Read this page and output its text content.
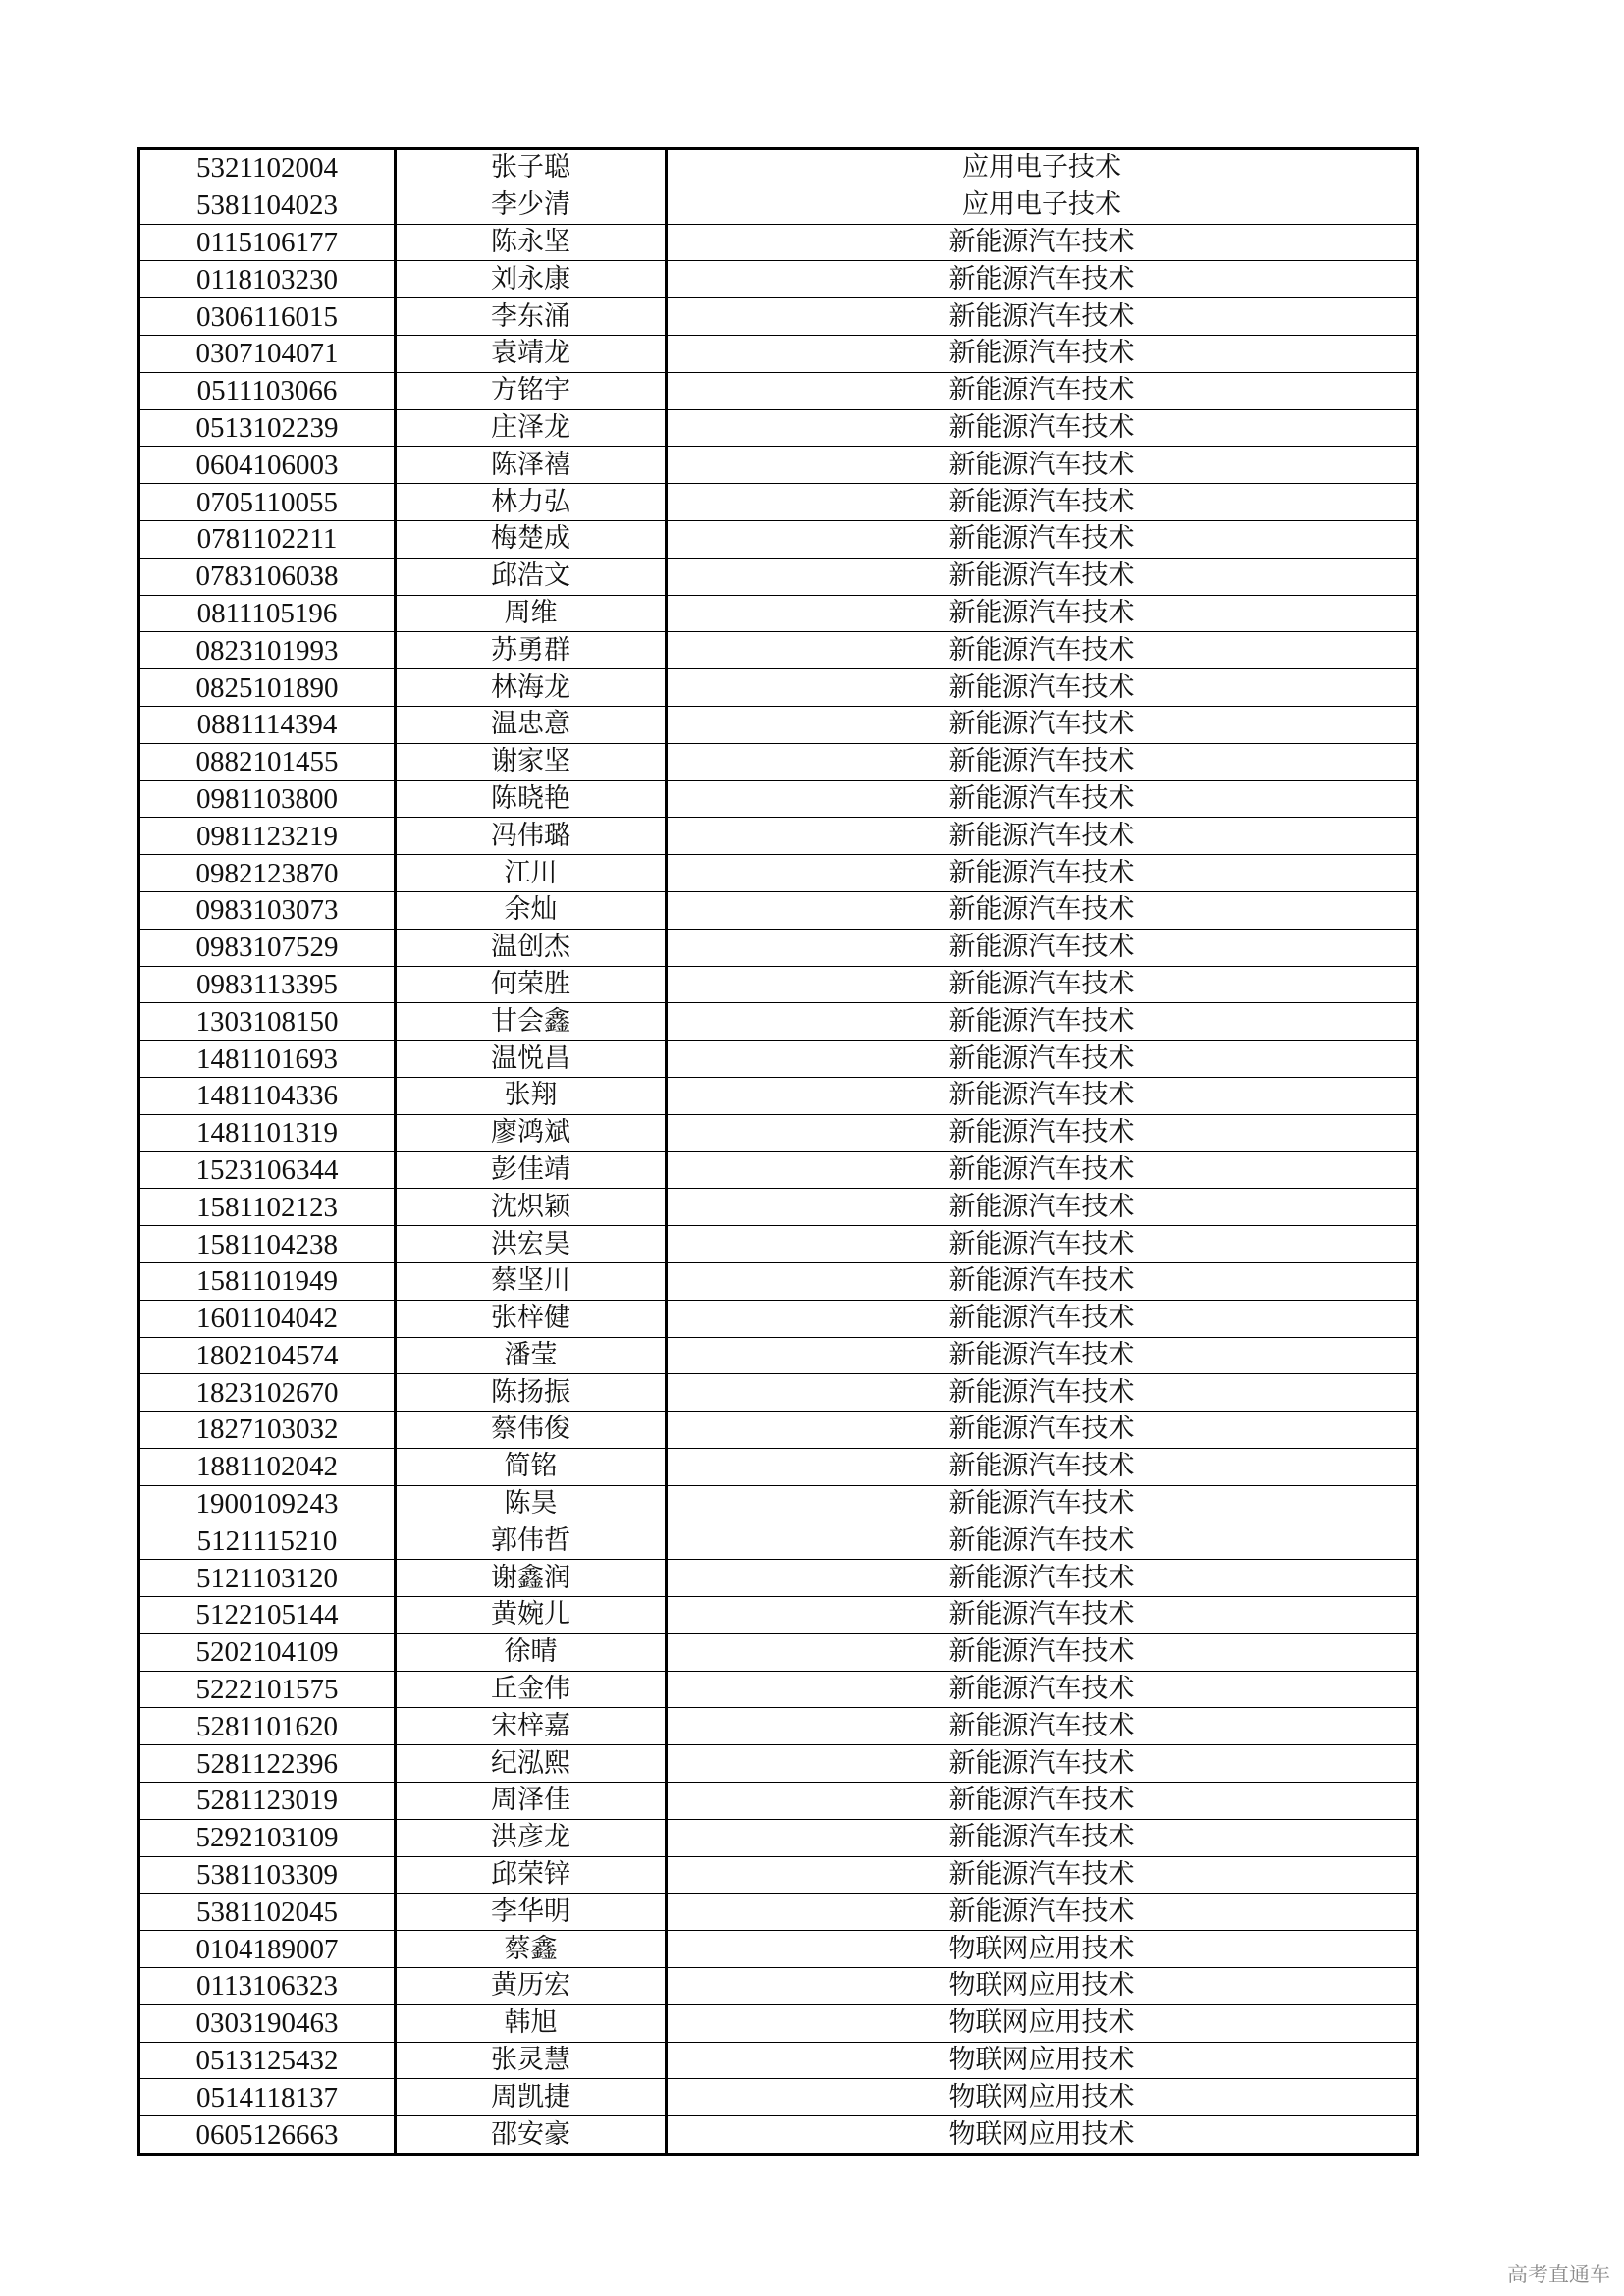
5321102004	张子聪	应用电子技术
5381104023	李少清	应用电子技术
0115106177	陈永坚	新能源汽车技术
0118103230	刘永康	新能源汽车技术
0306116015	李东涌	新能源汽车技术
0307104071	袁靖龙	新能源汽车技术
0511103066	方铭宇	新能源汽车技术
0513102239	庄泽龙	新能源汽车技术
0604106003	陈泽禧	新能源汽车技术
0705110055	林力弘	新能源汽车技术
0781102211	梅楚成	新能源汽车技术
0783106038	邱浩文	新能源汽车技术
0811105196	周维	新能源汽车技术
0823101993	苏勇群	新能源汽车技术
0825101890	林海龙	新能源汽车技术
0881114394	温忠意	新能源汽车技术
0882101455	谢家坚	新能源汽车技术
0981103800	陈晓艳	新能源汽车技术
0981123219	冯伟璐	新能源汽车技术
0982123870	江川	新能源汽车技术
0983103073	余灿	新能源汽车技术
0983107529	温创杰	新能源汽车技术
0983113395	何荣胜	新能源汽车技术
1303108150	甘会鑫	新能源汽车技术
1481101693	温悦昌	新能源汽车技术
1481104336	张翔	新能源汽车技术
1481101319	廖鸿斌	新能源汽车技术
1523106344	彭佳靖	新能源汽车技术
1581102123	沈炽颖	新能源汽车技术
1581104238	洪宏昊	新能源汽车技术
1581101949	蔡坚川	新能源汽车技术
1601104042	张梓健	新能源汽车技术
1802104574	潘莹	新能源汽车技术
1823102670	陈扬振	新能源汽车技术
1827103032	蔡伟俊	新能源汽车技术
1881102042	简铭	新能源汽车技术
1900109243	陈昊	新能源汽车技术
5121115210	郭伟哲	新能源汽车技术
5121103120	谢鑫润	新能源汽车技术
5122105144	黄婉儿	新能源汽车技术
5202104109	徐晴	新能源汽车技术
5222101575	丘金伟	新能源汽车技术
5281101620	宋梓嘉	新能源汽车技术
5281122396	纪泓熙	新能源汽车技术
5281123019	周泽佳	新能源汽车技术
5292103109	洪彦龙	新能源汽车技术
5381103309	邱荣锌	新能源汽车技术
5381102045	李华明	新能源汽车技术
0104189007	蔡鑫	物联网应用技术
0113106323	黄历宏	物联网应用技术
0303190463	韩旭	物联网应用技术
0513125432	张灵慧	物联网应用技术
0514118137	周凯捷	物联网应用技术
0605126663	邵安豪	物联网应用技术
高考直通车
